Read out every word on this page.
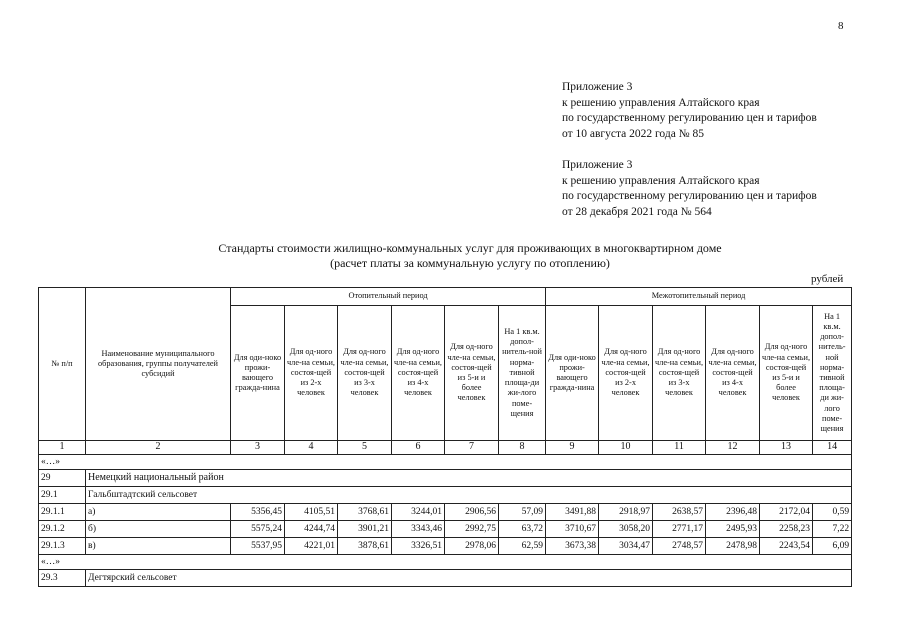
8
Приложение 3
к решению управления Алтайского края
по государственному регулированию цен и тарифов
от 10 августа 2022 года № 85
Приложение 3
к решению управления Алтайского края
по государственному регулированию цен и тарифов
от 28 декабря 2021 года № 564
Стандарты стоимости жилищно-коммунальных услуг для проживающих в многоквартирном доме
(расчет платы за коммунальную услугу по отоплению)
рублей
№ п/п	Наименование муниципального образования, группы получателей субсидий	Отопительный период						Межотопительный период					
		Для оди-ноко прожи-вающего гражда-нина	Для од-ного чле-на семьи, состоя-щей из 2-х человек	Для од-ного чле-на семьи, состоя-щей из 3-х человек	Для од-ного чле-на семьи, состоя-щей из 4-х человек	Для од-ного чле-на семьи, состоя-щей из 5-и и более человек	На 1 кв.м. допол-нитель-ной норма-тивной площа-ди жи-лого поме-щения	Для оди-ноко прожи-вающего гражда-нина	Для од-ного чле-на семьи, состоя-щей из 2-х человек	Для од-ного чле-на семьи, состоя-щей из 3-х человек	Для од-ного чле-на семьи, состоя-щей из 4-х человек	Для од-ного чле-на семьи, состоя-щей из 5-и и более человек	На 1 кв.м. допол-нитель-ной норма-тивной площа-ди жи-лого поме-щения
1	2	3	4	5	6	7	8	9	10	11	12	13	14
«…»													
29	Немецкий национальный район												
29.1	Гальбштадтский сельсовет												
29.1.1	а)	5356,45	4105,51	3768,61	3244,01	2906,56	57,09	3491,88	2918,97	2638,57	2396,48	2172,04	0,59
29.1.2	б)	5575,24	4244,74	3901,21	3343,46	2992,75	63,72	3710,67	3058,20	2771,17	2495,93	2258,23	7,22
29.1.3	в)	5537,95	4221,01	3878,61	3326,51	2978,06	62,59	3673,38	3034,47	2748,57	2478,98	2243,54	6,09
«…»													
29.3	Дегтярский сельсовет												
